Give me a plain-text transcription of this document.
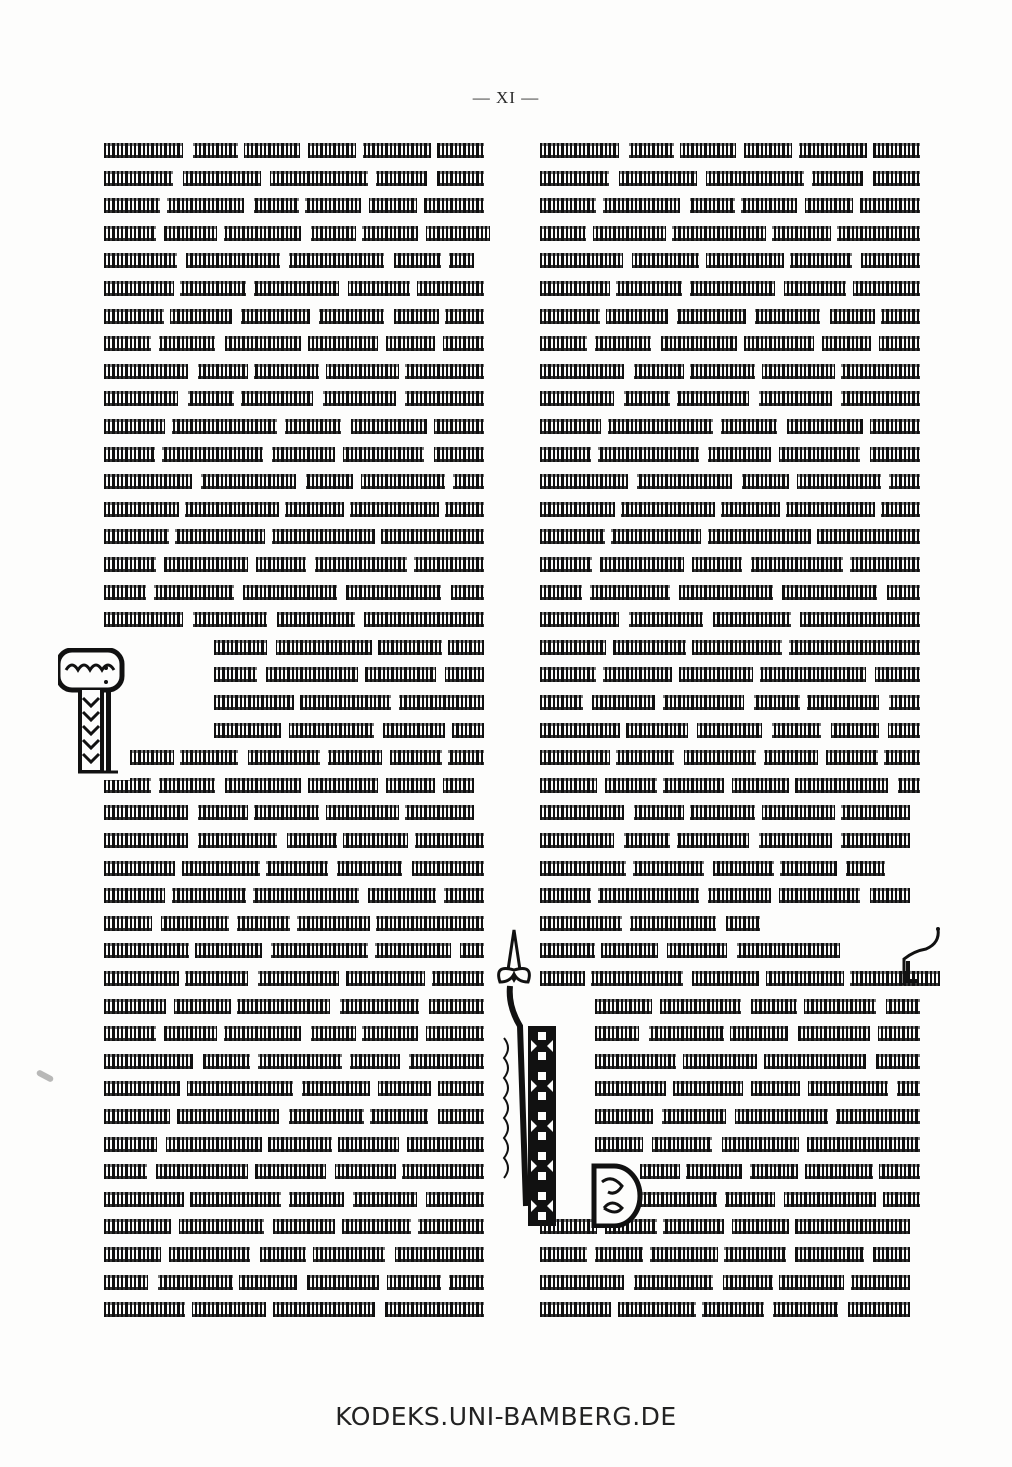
— XI —
KODEKS.UNI-BAMBERG.DE
